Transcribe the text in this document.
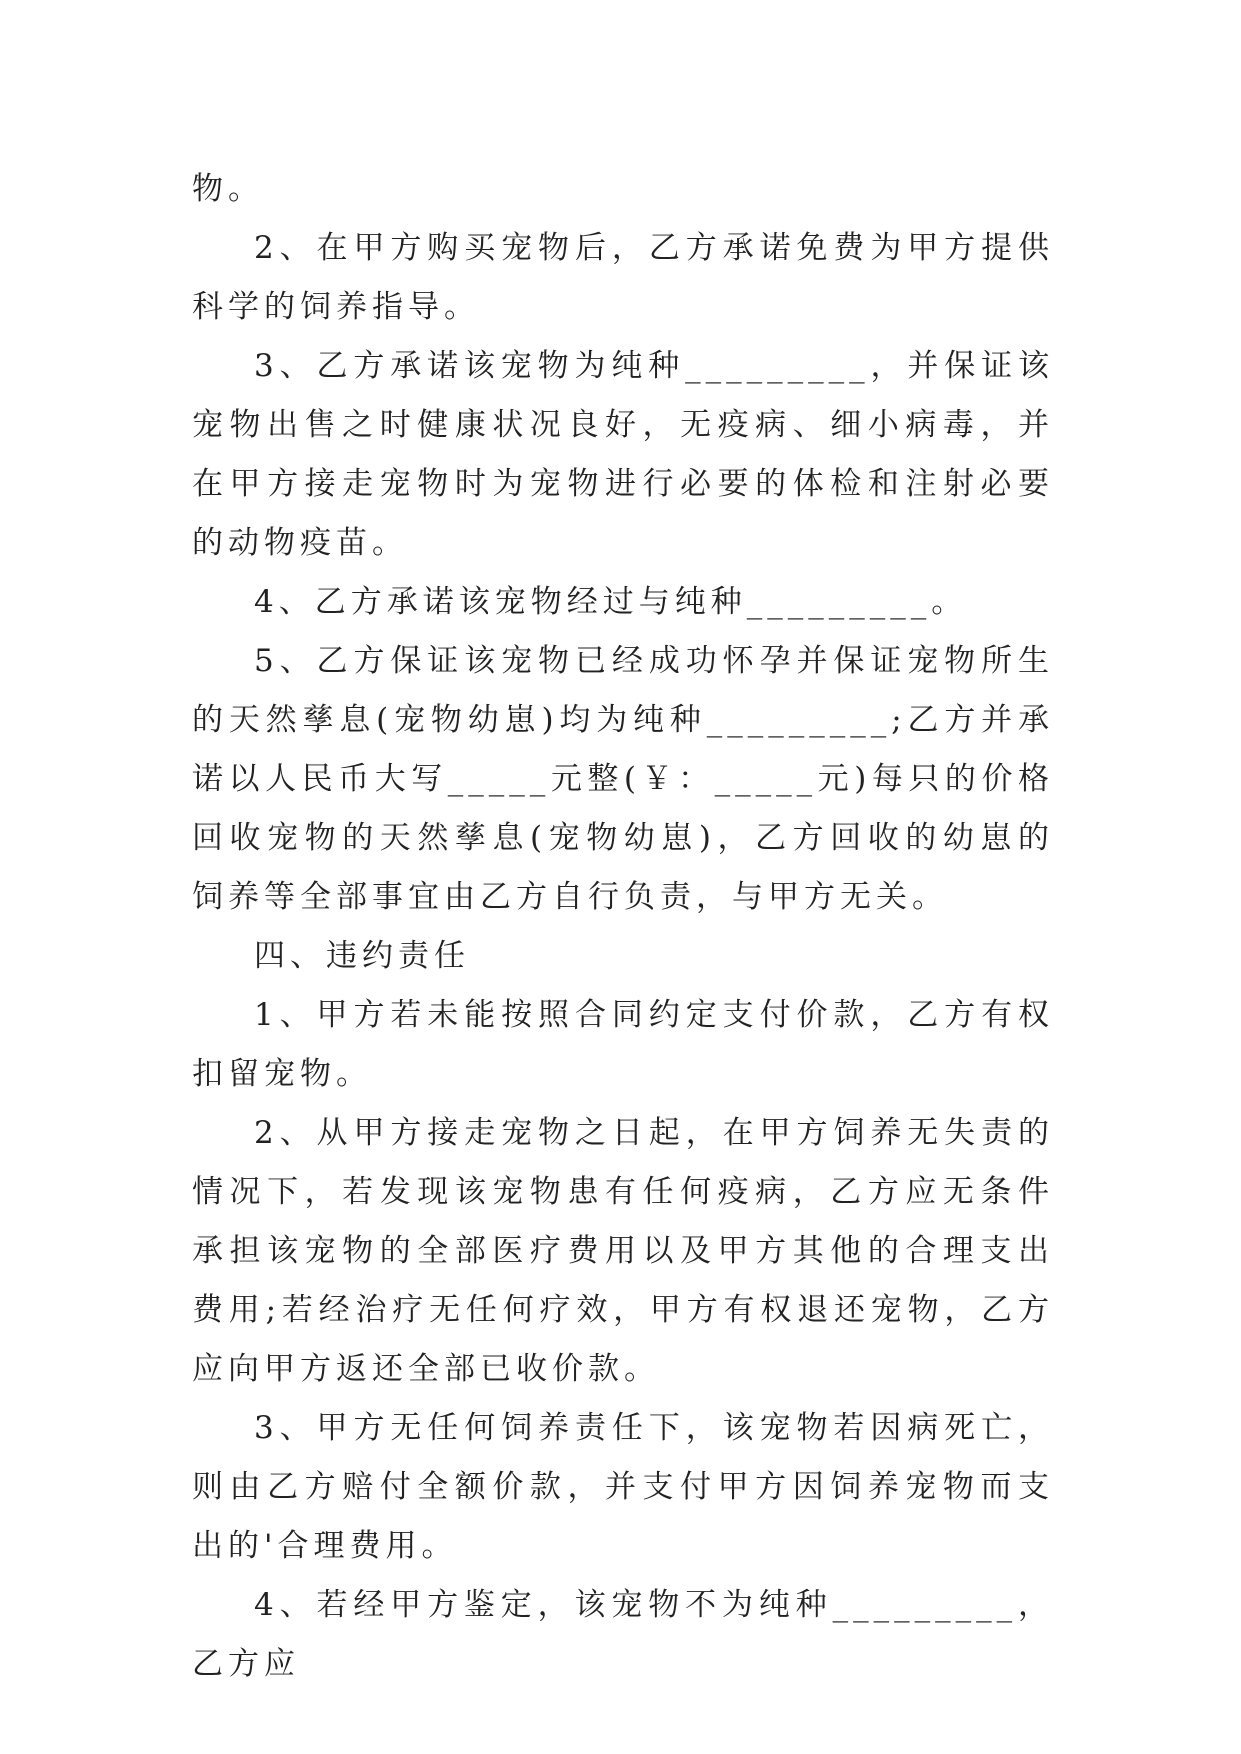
物。

2、在甲方购买宠物后，乙方承诺免费为甲方提供科学的饲养指导。

3、乙方承诺该宠物为纯种_________，并保证该宠物出售之时健康状况良好，无疫病、细小病毒，并在甲方接走宠物时为宠物进行必要的体检和注射必要的动物疫苗。

4、乙方承诺该宠物经过与纯种_________。

5、乙方保证该宠物已经成功怀孕并保证宠物所生的天然孳息(宠物幼崽)均为纯种_________;乙方并承诺以人民币大写_____元整(￥：_____元)每只的价格回收宠物的天然孳息(宠物幼崽)，乙方回收的幼崽的饲养等全部事宜由乙方自行负责，与甲方无关。

四、违约责任

1、甲方若未能按照合同约定支付价款，乙方有权扣留宠物。

2、从甲方接走宠物之日起，在甲方饲养无失责的情况下，若发现该宠物患有任何疫病，乙方应无条件承担该宠物的全部医疗费用以及甲方其他的合理支出费用;若经治疗无任何疗效，甲方有权退还宠物，乙方应向甲方返还全部已收价款。

3、甲方无任何饲养责任下，该宠物若因病死亡，则由乙方赔付全额价款，并支付甲方因饲养宠物而支出的'合理费用。

4、若经甲方鉴定，该宠物不为纯种_________，乙方应
